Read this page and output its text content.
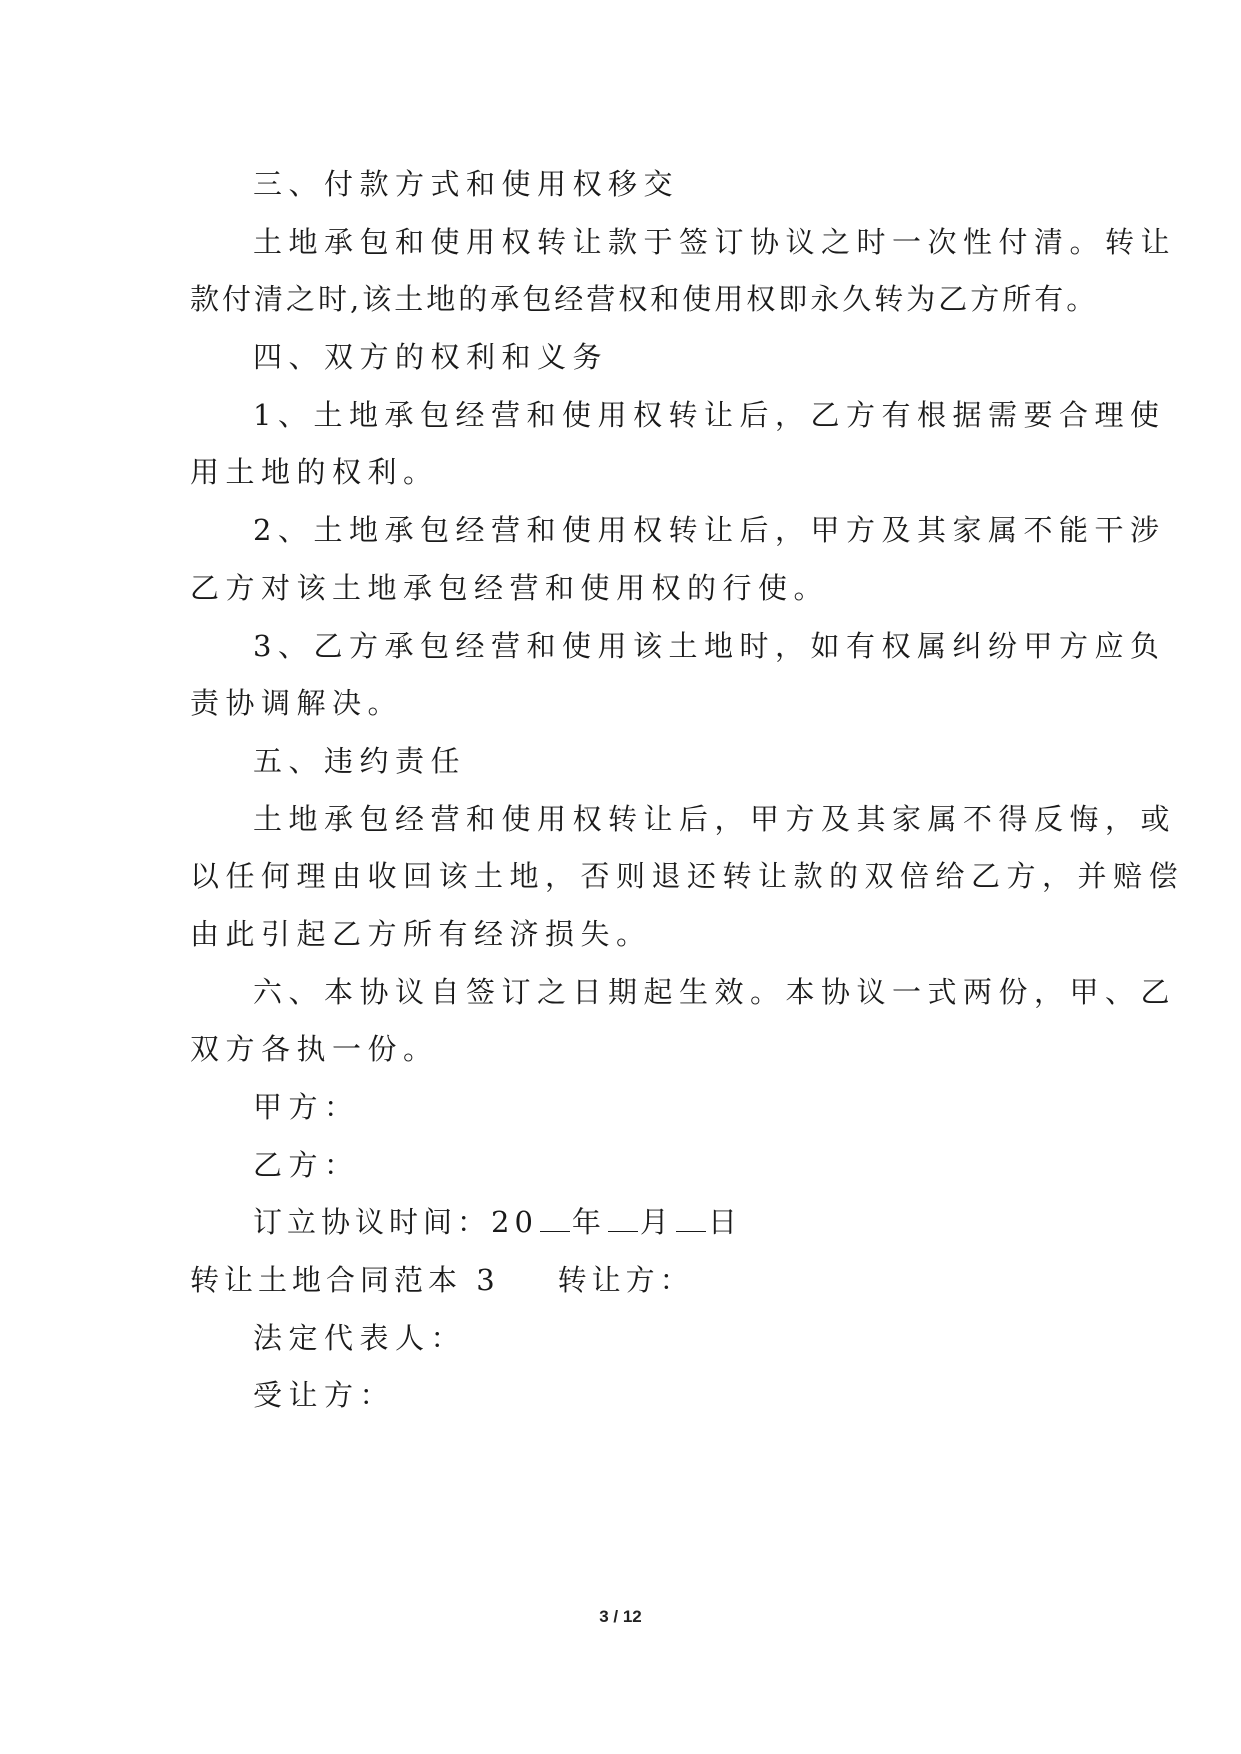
三、付款方式和使用权移交
土地承包和使用权转让款于签订协议之时一次性付清。转让
款付清之时,该土地的承包经营权和使用权即永久转为乙方所有。
四、双方的权利和义务
1、土地承包经营和使用权转让后，乙方有根据需要合理使
用土地的权利。
2、土地承包经营和使用权转让后，甲方及其家属不能干涉
乙方对该土地承包经营和使用权的行使。
3、乙方承包经营和使用该土地时，如有权属纠纷甲方应负
责协调解决。
五、违约责任
土地承包经营和使用权转让后，甲方及其家属不得反悔，或
以任何理由收回该土地，否则退还转让款的双倍给乙方，并赔偿
由此引起乙方所有经济损失。
六、本协议自签订之日期起生效。本协议一式两份，甲、乙
双方各执一份。
甲方：
乙方：
订立协议时间：20 年 月 日
转让土地合同范本 3 转让方：
法定代表人：
受让方：
3 / 12
